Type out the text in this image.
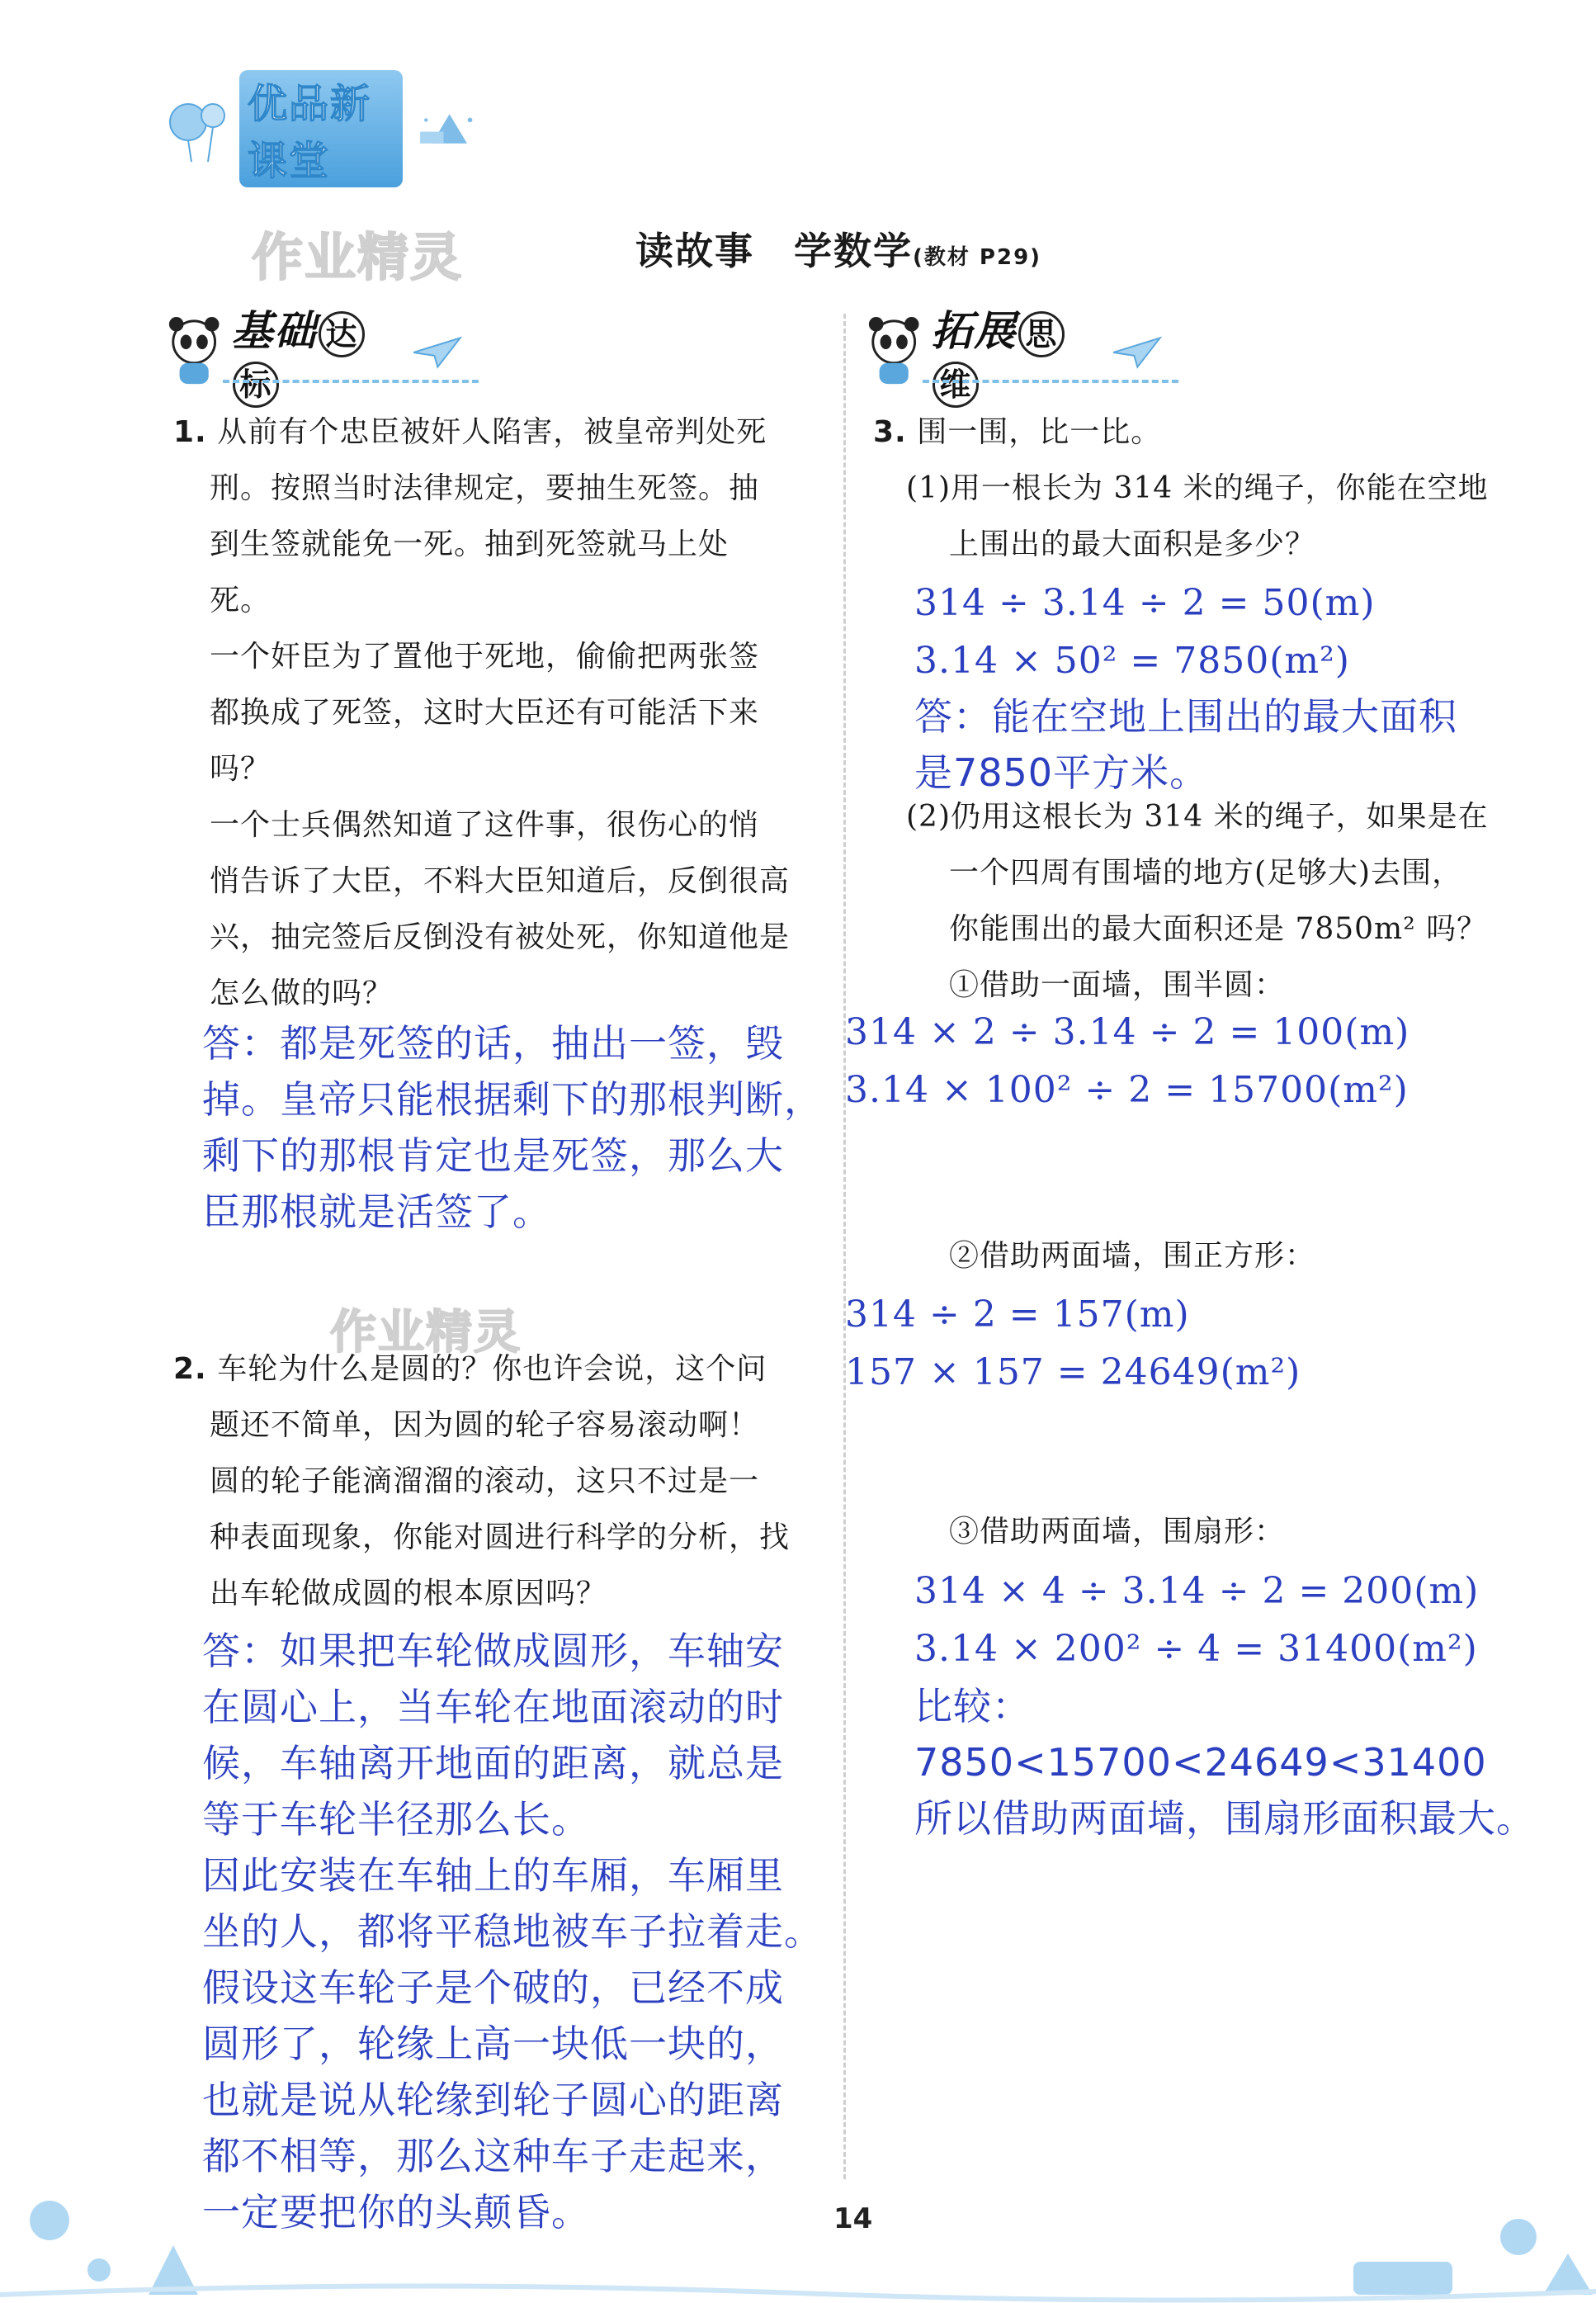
优品新课堂
作业精灵	读故事 学数学(教材 P29)
基础 达标
拓展 思维
1. 从前有个忠臣被奸人陷害，被皇帝判处死
刑。按照当时法律规定，要抽生死签。抽
到生签就能免一死。抽到死签就马上处
死。
一个奸臣为了置他于死地，偷偷把两张签
都换成了死签，这时大臣还有可能活下来
吗？
一个士兵偶然知道了这件事，很伤心的悄
悄告诉了大臣，不料大臣知道后，反倒很高
兴，抽完签后反倒没有被处死，你知道他是
怎么做的吗？
答：都是死签的话，抽出一签，毁
掉。皇帝只能根据剩下的那根判断，
剩下的那根肯定也是死签，那么大
臣那根就是活签了。
作业精灵
2. 车轮为什么是圆的？你也许会说，这个问
题还不简单，因为圆的轮子容易滚动啊！
圆的轮子能滴溜溜的滚动，这只不过是一
种表面现象，你能对圆进行科学的分析，找
出车轮做成圆的根本原因吗？
答：如果把车轮做成圆形，车轴安
在圆心上，当车轮在地面滚动的时
候，车轴离开地面的距离，就总是
等于车轮半径那么长。
因此安装在车轴上的车厢，车厢里
坐的人，都将平稳地被车子拉着走。
假设这车轮子是个破的，已经不成
圆形了，轮缘上高一块低一块的，
也就是说从轮缘到轮子圆心的距离
都不相等，那么这种车子走起来，
一定要把你的头颠昏。
3. 围一围，比一比。
(1)用一根长为 314 米的绳子，你能在空地
上围出的最大面积是多少？
314 ÷ 3.14 ÷ 2 = 50(m)
3.14 × 50² = 7850(m²)
答：能在空地上围出的最大面积
是7850平方米。
(2)仍用这根长为 314 米的绳子，如果是在
一个四周有围墙的地方(足够大)去围，
你能围出的最大面积还是 7850m² 吗？
①借助一面墙，围半圆：
314 × 2 ÷ 3.14 ÷ 2 = 100(m)
3.14 × 100² ÷ 2 = 15700(m²)
②借助两面墙，围正方形：
314 ÷ 2 = 157(m)
157 × 157 = 24649(m²)
③借助两面墙，围扇形：
314 × 4 ÷ 3.14 ÷ 2 = 200(m)
3.14 × 200² ÷ 4 = 31400(m²)
比较：7850<15700<24649<31400
所以借助两面墙，围扇形面积最大。
14
